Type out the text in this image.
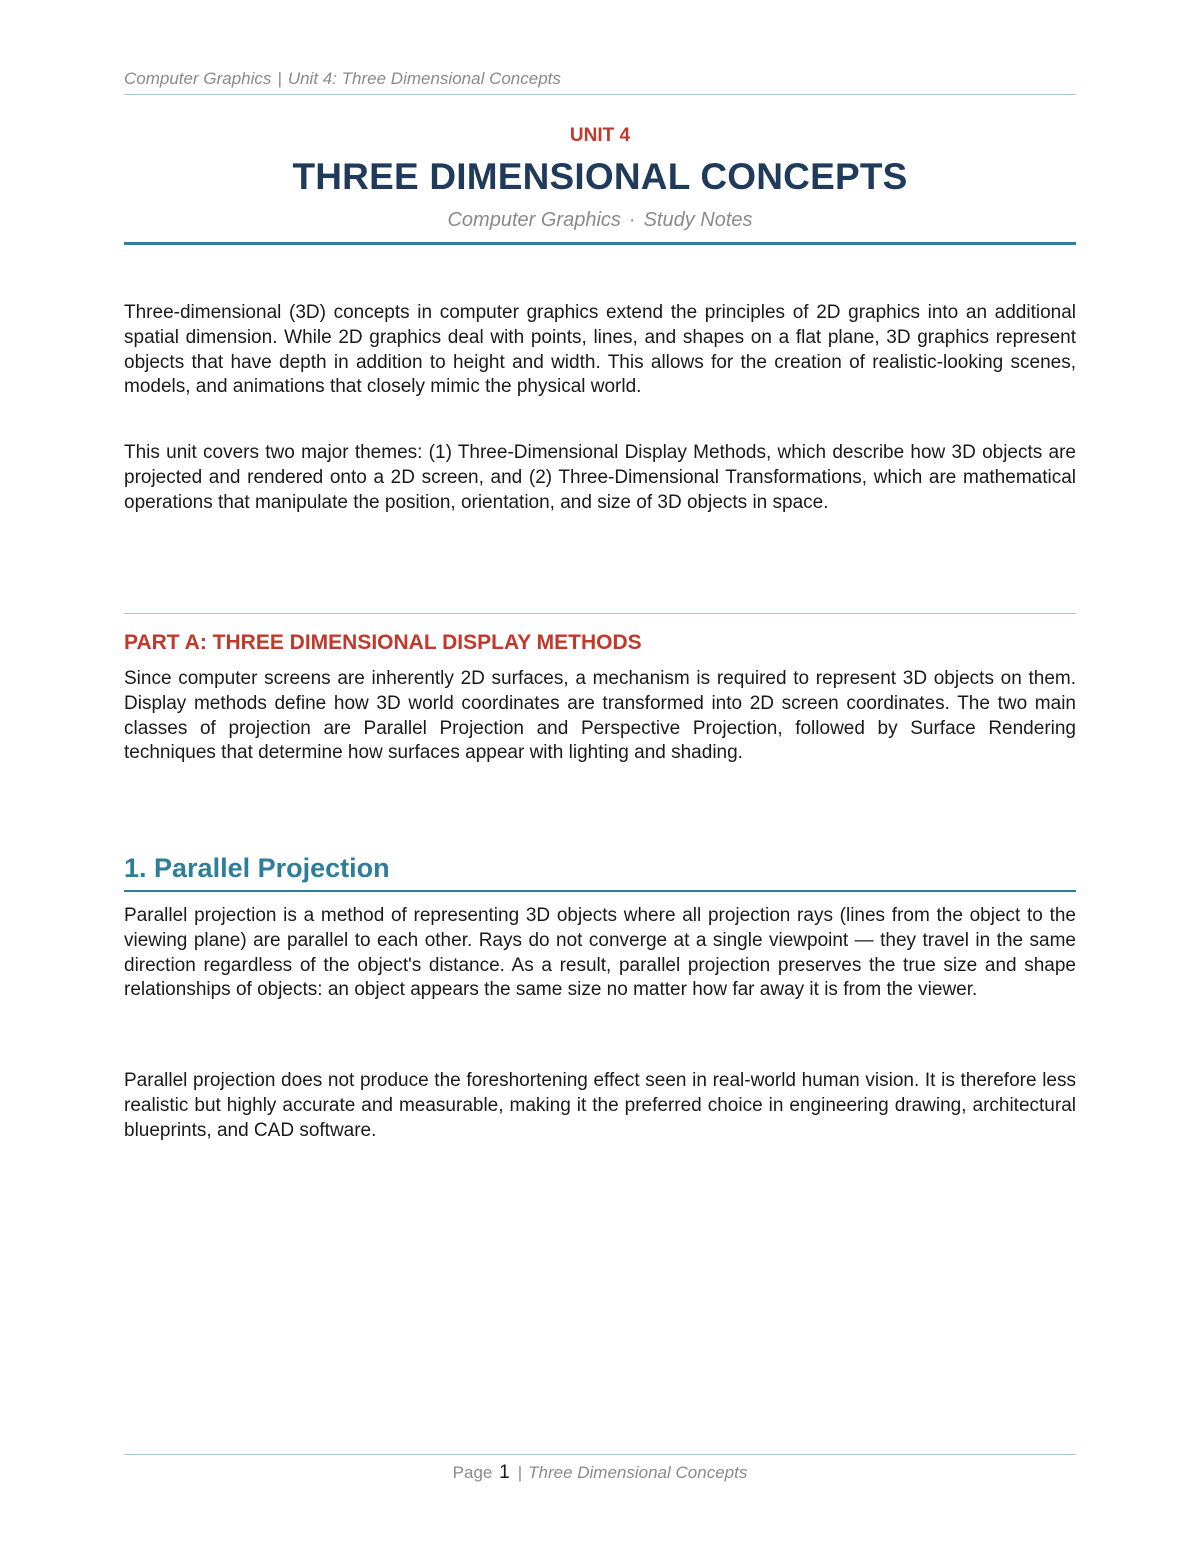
Computer Graphics | Unit 4: Three Dimensional Concepts
UNIT 4
THREE DIMENSIONAL CONCEPTS
Computer Graphics · Study Notes

Three-dimensional (3D) concepts in computer graphics extend the principles of 2D graphics into an additional spatial dimension. While 2D graphics deal with points, lines, and shapes on a flat plane, 3D graphics represent objects that have depth in addition to height and width. This allows for the creation of realistic-looking scenes, models, and animations that closely mimic the physical world.

This unit covers two major themes: (1) Three-Dimensional Display Methods, which describe how 3D objects are projected and rendered onto a 2D screen, and (2) Three-Dimensional Transformations, which are mathematical operations that manipulate the position, orientation, and size of 3D objects in space.

PART A: THREE DIMENSIONAL DISPLAY METHODS

Since computer screens are inherently 2D surfaces, a mechanism is required to represent 3D objects on them. Display methods define how 3D world coordinates are transformed into 2D screen coordinates. The two main classes of projection are Parallel Projection and Perspective Projection, followed by Surface Rendering techniques that determine how surfaces appear with lighting and shading.

1. Parallel Projection

Parallel projection is a method of representing 3D objects where all projection rays (lines from the object to the viewing plane) are parallel to each other. Rays do not converge at a single viewpoint — they travel in the same direction regardless of the object's distance. As a result, parallel projection preserves the true size and shape relationships of objects: an object appears the same size no matter how far away it is from the viewer.

Parallel projection does not produce the foreshortening effect seen in real-world human vision. It is therefore less realistic but highly accurate and measurable, making it the preferred choice in engineering drawing, architectural blueprints, and CAD software.

Page 1 | Three Dimensional Concepts
